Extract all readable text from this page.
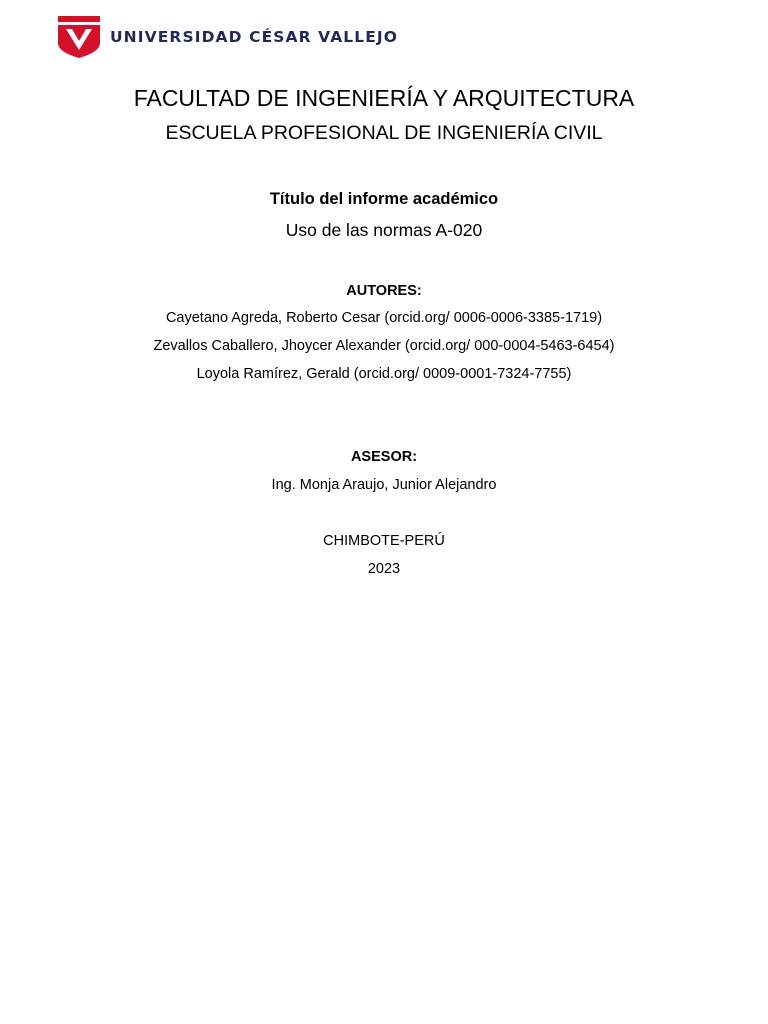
UNIVERSIDAD CÉSAR VALLEJO
FACULTAD DE INGENIERÍA Y ARQUITECTURA
ESCUELA PROFESIONAL DE INGENIERÍA CIVIL
Título del informe académico
Uso de las normas A-020
AUTORES:
Cayetano Agreda, Roberto Cesar (orcid.org/ 0006-0006-3385-1719)
Zevallos Caballero, Jhoycer Alexander (orcid.org/ 000-0004-5463-6454)
Loyola Ramírez, Gerald (orcid.org/ 0009-0001-7324-7755)
ASESOR:
Ing. Monja Araujo, Junior Alejandro
CHIMBOTE-PERÚ
2023
